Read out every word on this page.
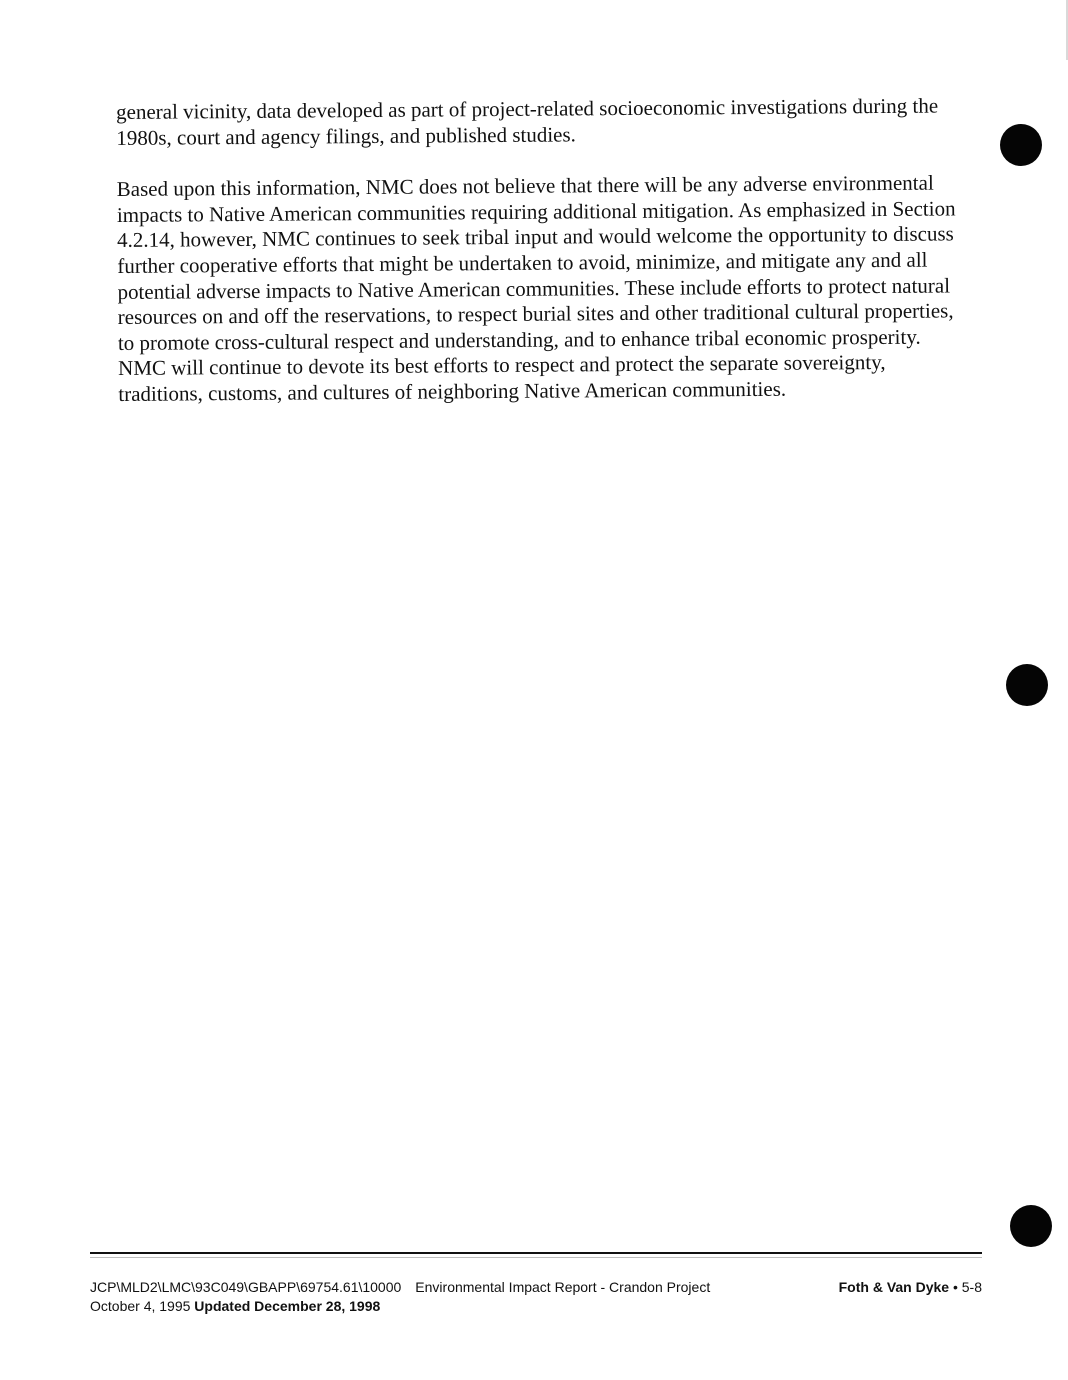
general vicinity, data developed as part of project-related socioeconomic investigations during the 1980s, court and agency filings, and published studies.

Based upon this information, NMC does not believe that there will be any adverse environmental impacts to Native American communities requiring additional mitigation. As emphasized in Section 4.2.14, however, NMC continues to seek tribal input and would welcome the opportunity to discuss further cooperative efforts that might be undertaken to avoid, minimize, and mitigate any and all potential adverse impacts to Native American communities. These include efforts to protect natural resources on and off the reservations, to respect burial sites and other traditional cultural properties, to promote cross-cultural respect and understanding, and to enhance tribal economic prosperity. NMC will continue to devote its best efforts to respect and protect the separate sovereignty, traditions, customs, and cultures of neighboring Native American communities.

JCP\MLD2\LMC\93C049\GBAPP\69754.61\10000 Environmental Impact Report - Crandon Project
October 4, 1995 Updated December 28, 1998
Foth & Van Dyke • 5-8
